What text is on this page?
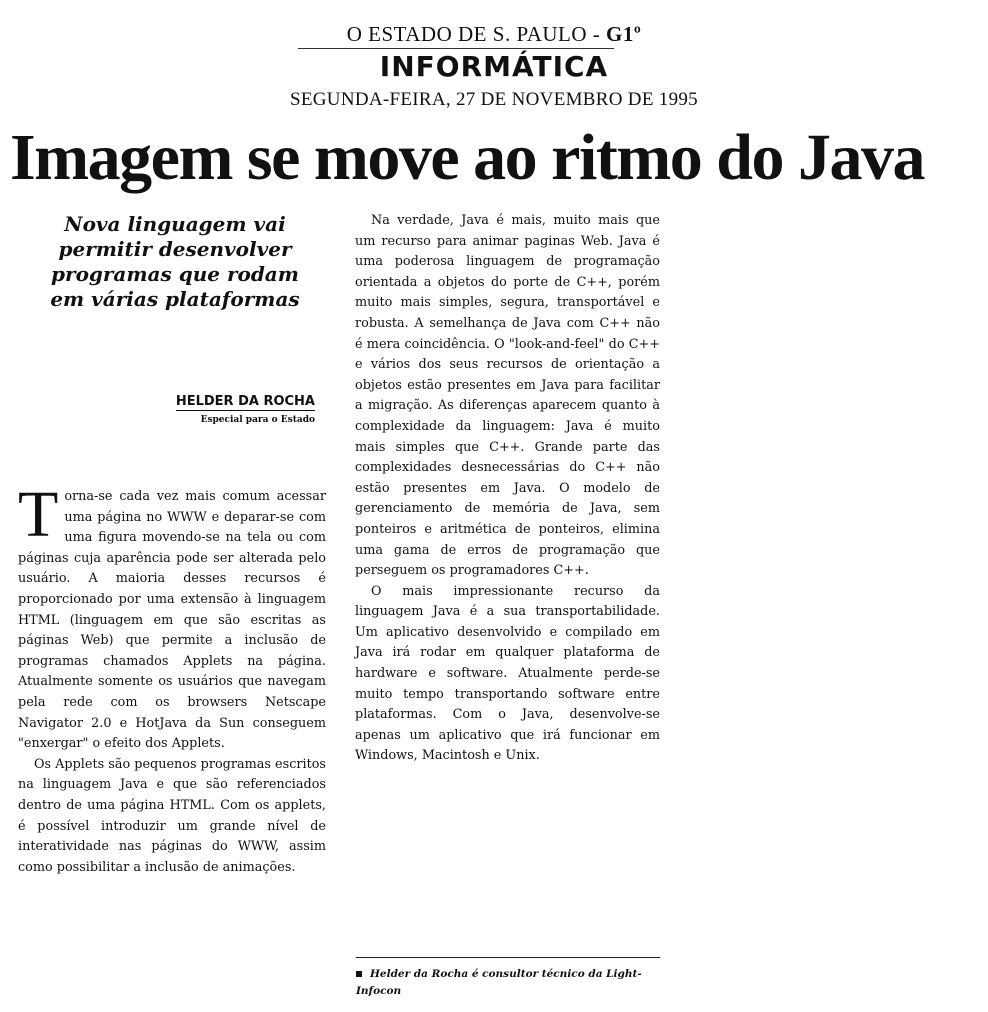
O ESTADO DE S. PAULO - G1º
INFORMÁTICA
SEGUNDA-FEIRA, 27 DE NOVEMBRO DE 1995
Imagem se move ao ritmo do Java
Nova linguagem vai
permitir desenvolver
programas que rodam
em várias plataformas
HELDER DA ROCHA
Especial para o Estado

Torna-se cada vez mais comum acessar uma página no WWW e deparar-se com uma figura movendo-se na tela ou com páginas cuja aparência pode ser alterada pelo usuário. A maioria desses recursos é proporcionado por uma extensão à linguagem HTML (linguagem em que são escritas as páginas Web) que permite a inclusão de programas chamados Applets na página. Atualmente somente os usuários que navegam pela rede com os browsers Netscape Navigator 2.0 e HotJava da Sun conseguem "enxergar" o efeito dos Applets.

Os Applets são pequenos programas escritos na linguagem Java e que são referenciados dentro de uma página HTML. Com os applets, é possível introduzir um grande nível de interatividade nas páginas do WWW, assim como possibilitar a inclusão de animações.

Na verdade, Java é mais, muito mais que um recurso para animar paginas Web. Java é uma poderosa linguagem de programação orientada a objetos do porte de C++, porém muito mais simples, segura, transportável e robusta. A semelhança de Java com C++ não é mera coincidência. O "look-and-feel" do C++ e vários dos seus recursos de orientação a objetos estão presentes em Java para facilitar a migração. As diferenças aparecem quanto à complexidade da linguagem: Java é muito mais simples que C++. Grande parte das complexidades desnecessárias do C++ não estão presentes em Java. O modelo de gerenciamento de memória de Java, sem ponteiros e aritmética de ponteiros, elimina uma gama de erros de programação que perseguem os programadores C++.

O mais impressionante recurso da linguagem Java é a sua transportabilidade. Um aplicativo desenvolvido e compilado em Java irá rodar em qualquer plataforma de hardware e software. Atualmente perde-se muito tempo transportando software entre plataformas. Com o Java, desenvolve-se apenas um aplicativo que irá funcionar em Windows, Macintosh e Unix.

Helder da Rocha é consultor técnico da Light-Infocon
